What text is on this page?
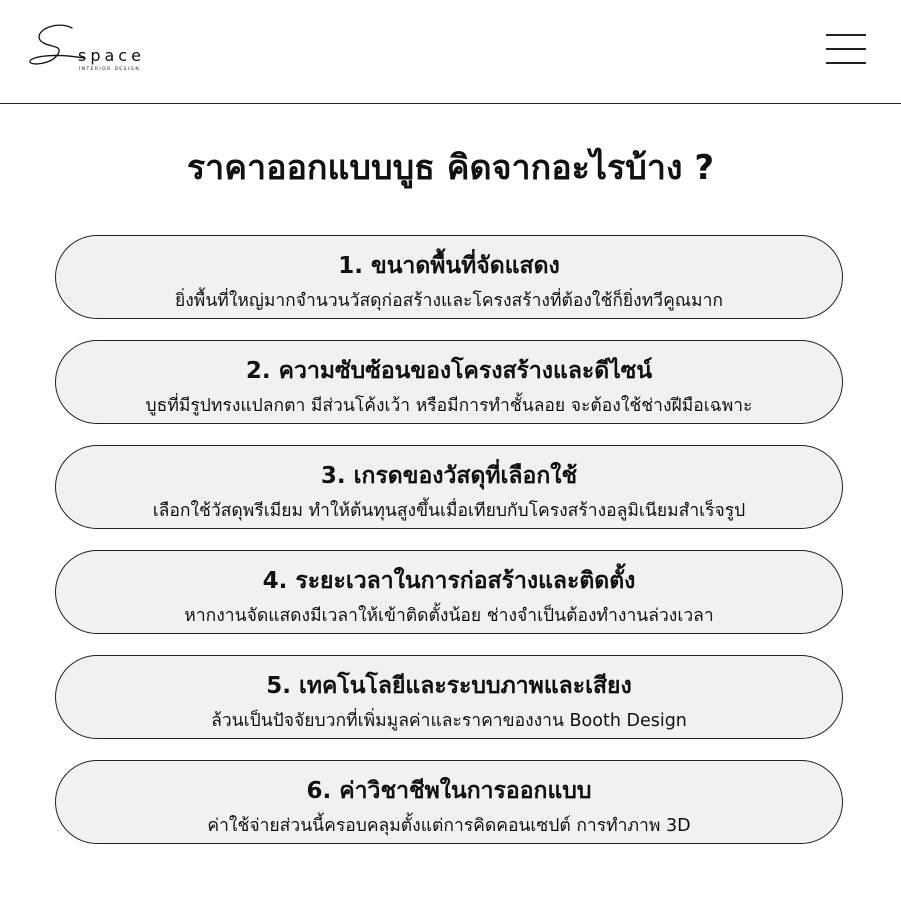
space
INTERIOR DESIGN
ราคาออกแบบบูธ คิดจากอะไรบ้าง ?
1. ขนาดพื้นที่จัดแสดง
ยิ่งพื้นที่ใหญ่มากจำนวนวัสดุก่อสร้างและโครงสร้างที่ต้องใช้ก็ยิ่งทวีคูณมาก
2. ความซับซ้อนของโครงสร้างและดีไซน์
บูธที่มีรูปทรงแปลกตา มีส่วนโค้งเว้า หรือมีการทำชั้นลอย จะต้องใช้ช่างฝีมือเฉพาะ
3. เกรดของวัสดุที่เลือกใช้
เลือกใช้วัสดุพรีเมียม ทำให้ต้นทุนสูงขึ้นเมื่อเทียบกับโครงสร้างอลูมิเนียมสำเร็จรูป
4. ระยะเวลาในการก่อสร้างและติดตั้ง
หากงานจัดแสดงมีเวลาให้เข้าติดตั้งน้อย ช่างจำเป็นต้องทำงานล่วงเวลา
5. เทคโนโลยีและระบบภาพและเสียง
ล้วนเป็นปัจจัยบวกที่เพิ่มมูลค่าและราคาของงาน Booth Design
6. ค่าวิชาชีพในการออกแบบ
ค่าใช้จ่ายส่วนนี้ครอบคลุมตั้งแต่การคิดคอนเซปต์ การทำภาพ 3D
